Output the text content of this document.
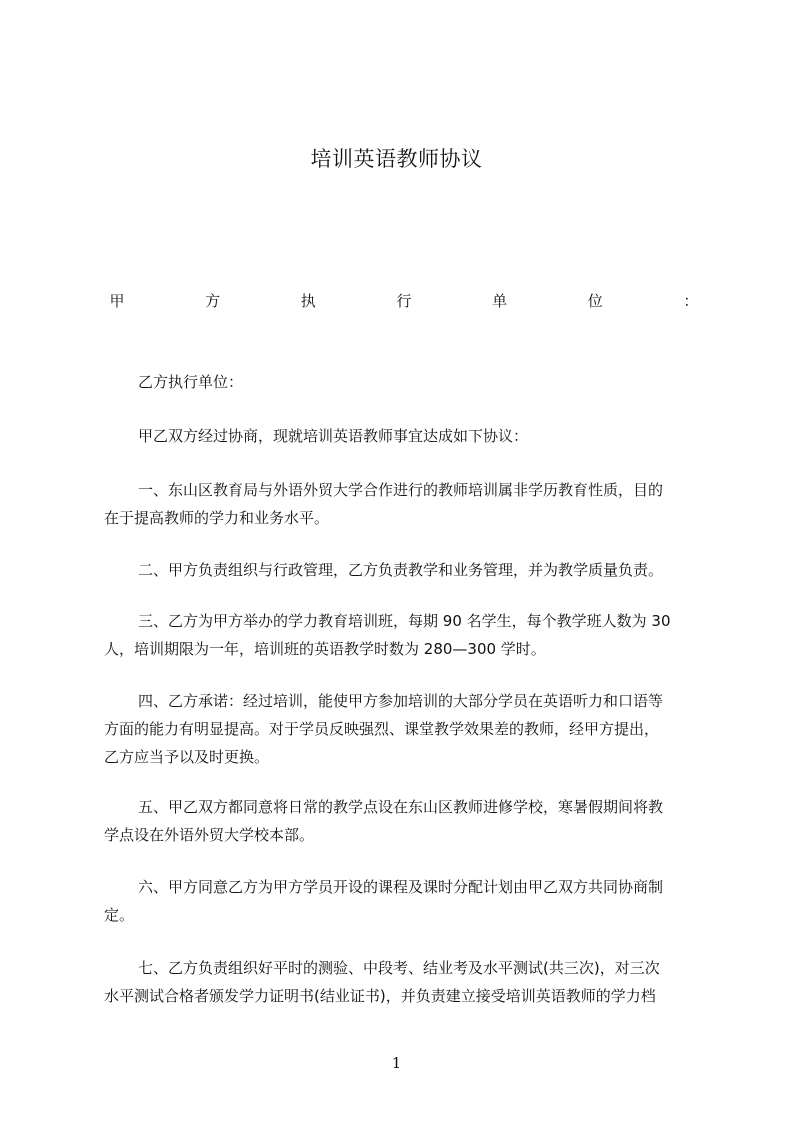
培训英语教师协议
甲	方	执	行	单	位	：
乙方执行单位：
甲乙双方经过协商，现就培训英语教师事宜达成如下协议：
一、东山区教育局与外语外贸大学合作进行的教师培训属非学历教育性质，目的
在于提高教师的学力和业务水平。
二、甲方负责组织与行政管理，乙方负责教学和业务管理，并为教学质量负责。
三、乙方为甲方举办的学力教育培训班，每期 90 名学生，每个教学班人数为 30
人，培训期限为一年，培训班的英语教学时数为 280—300 学时。
四、乙方承诺：经过培训，能使甲方参加培训的大部分学员在英语听力和口语等
方面的能力有明显提高。对于学员反映强烈、课堂教学效果差的教师，经甲方提出，
乙方应当予以及时更换。
五、甲乙双方都同意将日常的教学点设在东山区教师进修学校，寒暑假期间将教
学点设在外语外贸大学校本部。
六、甲方同意乙方为甲方学员开设的课程及课时分配计划由甲乙双方共同协商制
定。
七、乙方负责组织好平时的测验、中段考、结业考及水平测试(共三次)，对三次
水平测试合格者颁发学力证明书(结业证书)，并负责建立接受培训英语教师的学力档
1
